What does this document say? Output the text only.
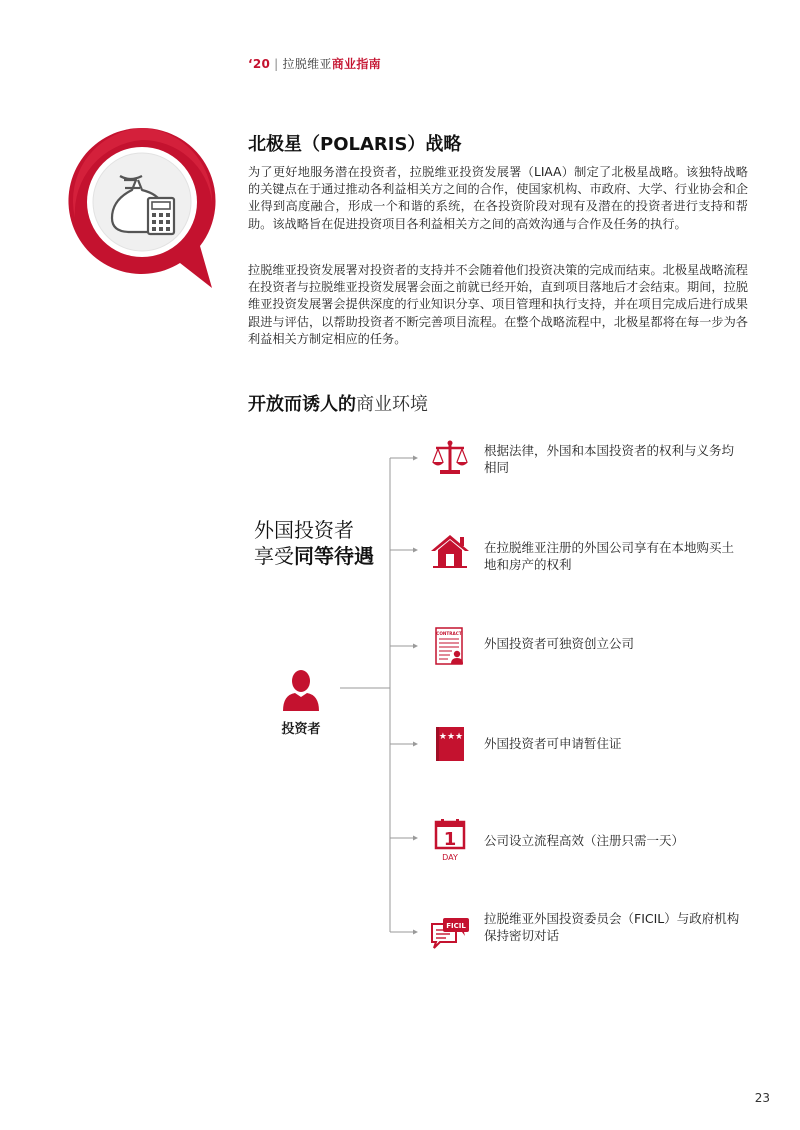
‘20 | 拉脱维亚商业指南
北极星（POLARIS）战略

为了更好地服务潜在投资者，拉脱维亚投资发展署（LIAA）制定了北极星战略。该独特战略的关键点在于通过推动各利益相关方之间的合作，使国家机构、市政府、大学、行业协会和企业得到高度融合，形成一个和谐的系统，在各投资阶段对现有及潜在的投资者进行支持和帮助。该战略旨在促进投资项目各利益相关方之间的高效沟通与合作及任务的执行。

拉脱维亚投资发展署对投资者的支持并不会随着他们投资决策的完成而结束。北极星战略流程在投资者与拉脱维亚投资发展署会面之前就已经开始，直到项目落地后才会结束。期间，拉脱维亚投资发展署会提供深度的行业知识分享、项目管理和执行支持，并在项目完成后进行成果跟进与评估，以帮助投资者不断完善项目流程。在整个战略流程中，北极星都将在每一步为各利益相关方制定相应的任务。

开放而诱人的商业环境
外国投资者
享受同等待遇
投资者
根据法律，外国和本国投资者的权利与义务均相同
在拉脱维亚注册的外国公司享有在本地购买土地和房产的权利
CONTRACT
外国投资者可独资创立公司
★★★ 外国投资者可申请暂住证
1
DAY
公司设立流程高效（注册只需一天）
FICIL 拉脱维亚外国投资委员会（FICIL）与政府机构保持密切对话
23
